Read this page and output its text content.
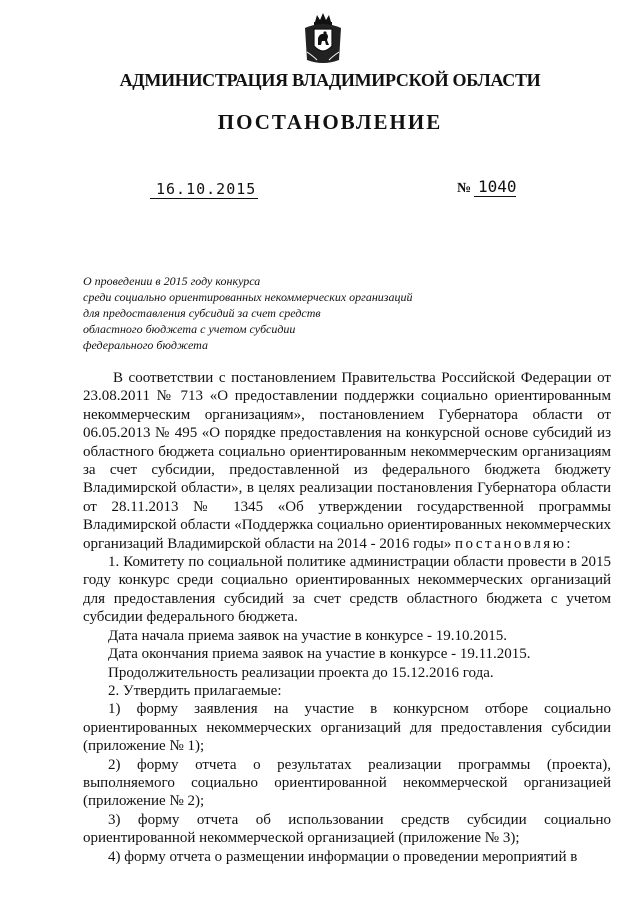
АДМИНИСТРАЦИЯ ВЛАДИМИРСКОЙ ОБЛАСТИ
ПОСТАНОВЛЕНИЕ
16.10.2015	№ 1040
О проведении в 2015 году конкурса
среди социально ориентированных некоммерческих организаций
для предоставления субсидий за счет средств
областного бюджета с учетом субсидии
федерального бюджета

В соответствии с постановлением Правительства Российской Федерации от 23.08.2011 № 713 «О предоставлении поддержки социально ориентированным некоммерческим организациям», постановлением Губернатора области от 06.05.2013 № 495 «О порядке предоставления на конкурсной основе субсидий из областного бюджета социально ориентированным некоммерческим организациям за счет субсидии, предоставленной из федерального бюджета бюджету Владимирской области», в целях реализации постановления Губернатора области от 28.11.2013 № 1345 «Об утверждении государственной программы Владимирской области «Поддержка социально ориентированных некоммерческих организаций Владимирской области на 2014 - 2016 годы» постановляю:

1. Комитету по социальной политике администрации области провести в 2015 году конкурс среди социально ориентированных некоммерческих организаций для предоставления субсидий за счет средств областного бюджета с учетом субсидии федерального бюджета.

Дата начала приема заявок на участие в конкурсе - 19.10.2015.

Дата окончания приема заявок на участие в конкурсе - 19.11.2015.

Продолжительность реализации проекта до 15.12.2016 года.

2. Утвердить прилагаемые:

1) форму заявления на участие в конкурсном отборе социально ориентированных некоммерческих организаций для предоставления субсидии (приложение № 1);

2) форму отчета о результатах реализации программы (проекта), выполняемого социально ориентированной некоммерческой организацией (приложение № 2);

3) форму отчета об использовании средств субсидии социально ориентированной некоммерческой организацией (приложение № 3);

4) форму отчета о размещении информации о проведении мероприятий в
